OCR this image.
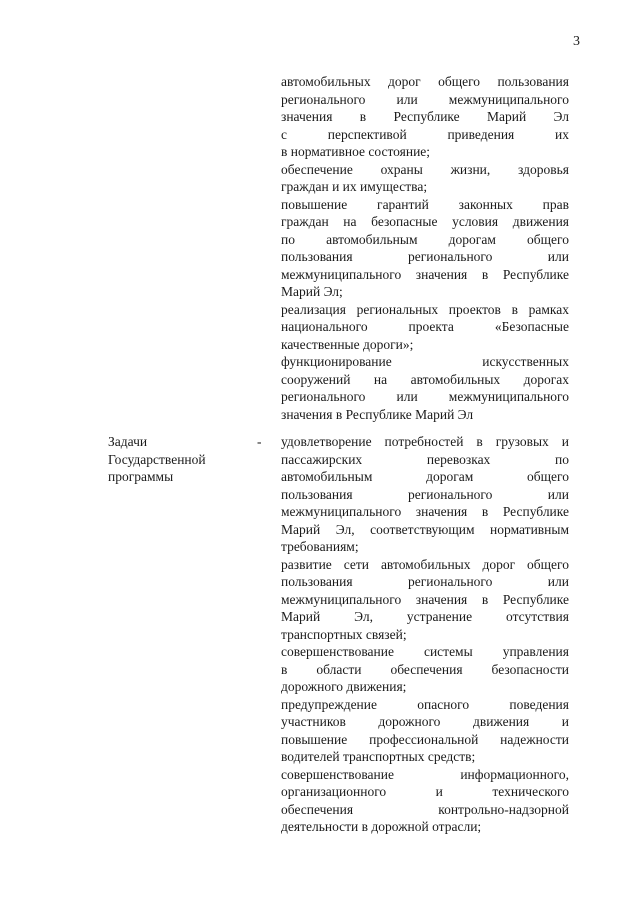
3

автомобильных дорог общего пользования
регионального или межмуниципального
значения в Республике Марий Эл
с перспективой приведения их
в нормативное состояние;

обеспечение охраны жизни, здоровья
граждан и их имущества;

повышение гарантий законных прав
граждан на безопасные условия движения
по автомобильным дорогам общего
пользования регионального или
межмуниципального значения в Республике
Марий Эл;

реализация региональных проектов в рамках
национального проекта «Безопасные
качественные дороги»;

функционирование искусственных
сооружений на автомобильных дорогах
регионального или межмуниципального
значения в Республике Марий Эл

Задачи
Государственной
программы
- удовлетворение потребностей в грузовых и
пассажирских перевозках по
автомобильным дорогам общего
пользования регионального или
межмуниципального значения в Республике
Марий Эл, соответствующим нормативным
требованиям;

развитие сети автомобильных дорог общего
пользования регионального или
межмуниципального значения в Республике
Марий Эл, устранение отсутствия
транспортных связей;

совершенствование системы управления
в области обеспечения безопасности
дорожного движения;

предупреждение опасного поведения
участников дорожного движения и
повышение профессиональной надежности
водителей транспортных средств;

совершенствование информационного,
организационного и технического
обеспечения контрольно-надзорной
деятельности в дорожной отрасли;
